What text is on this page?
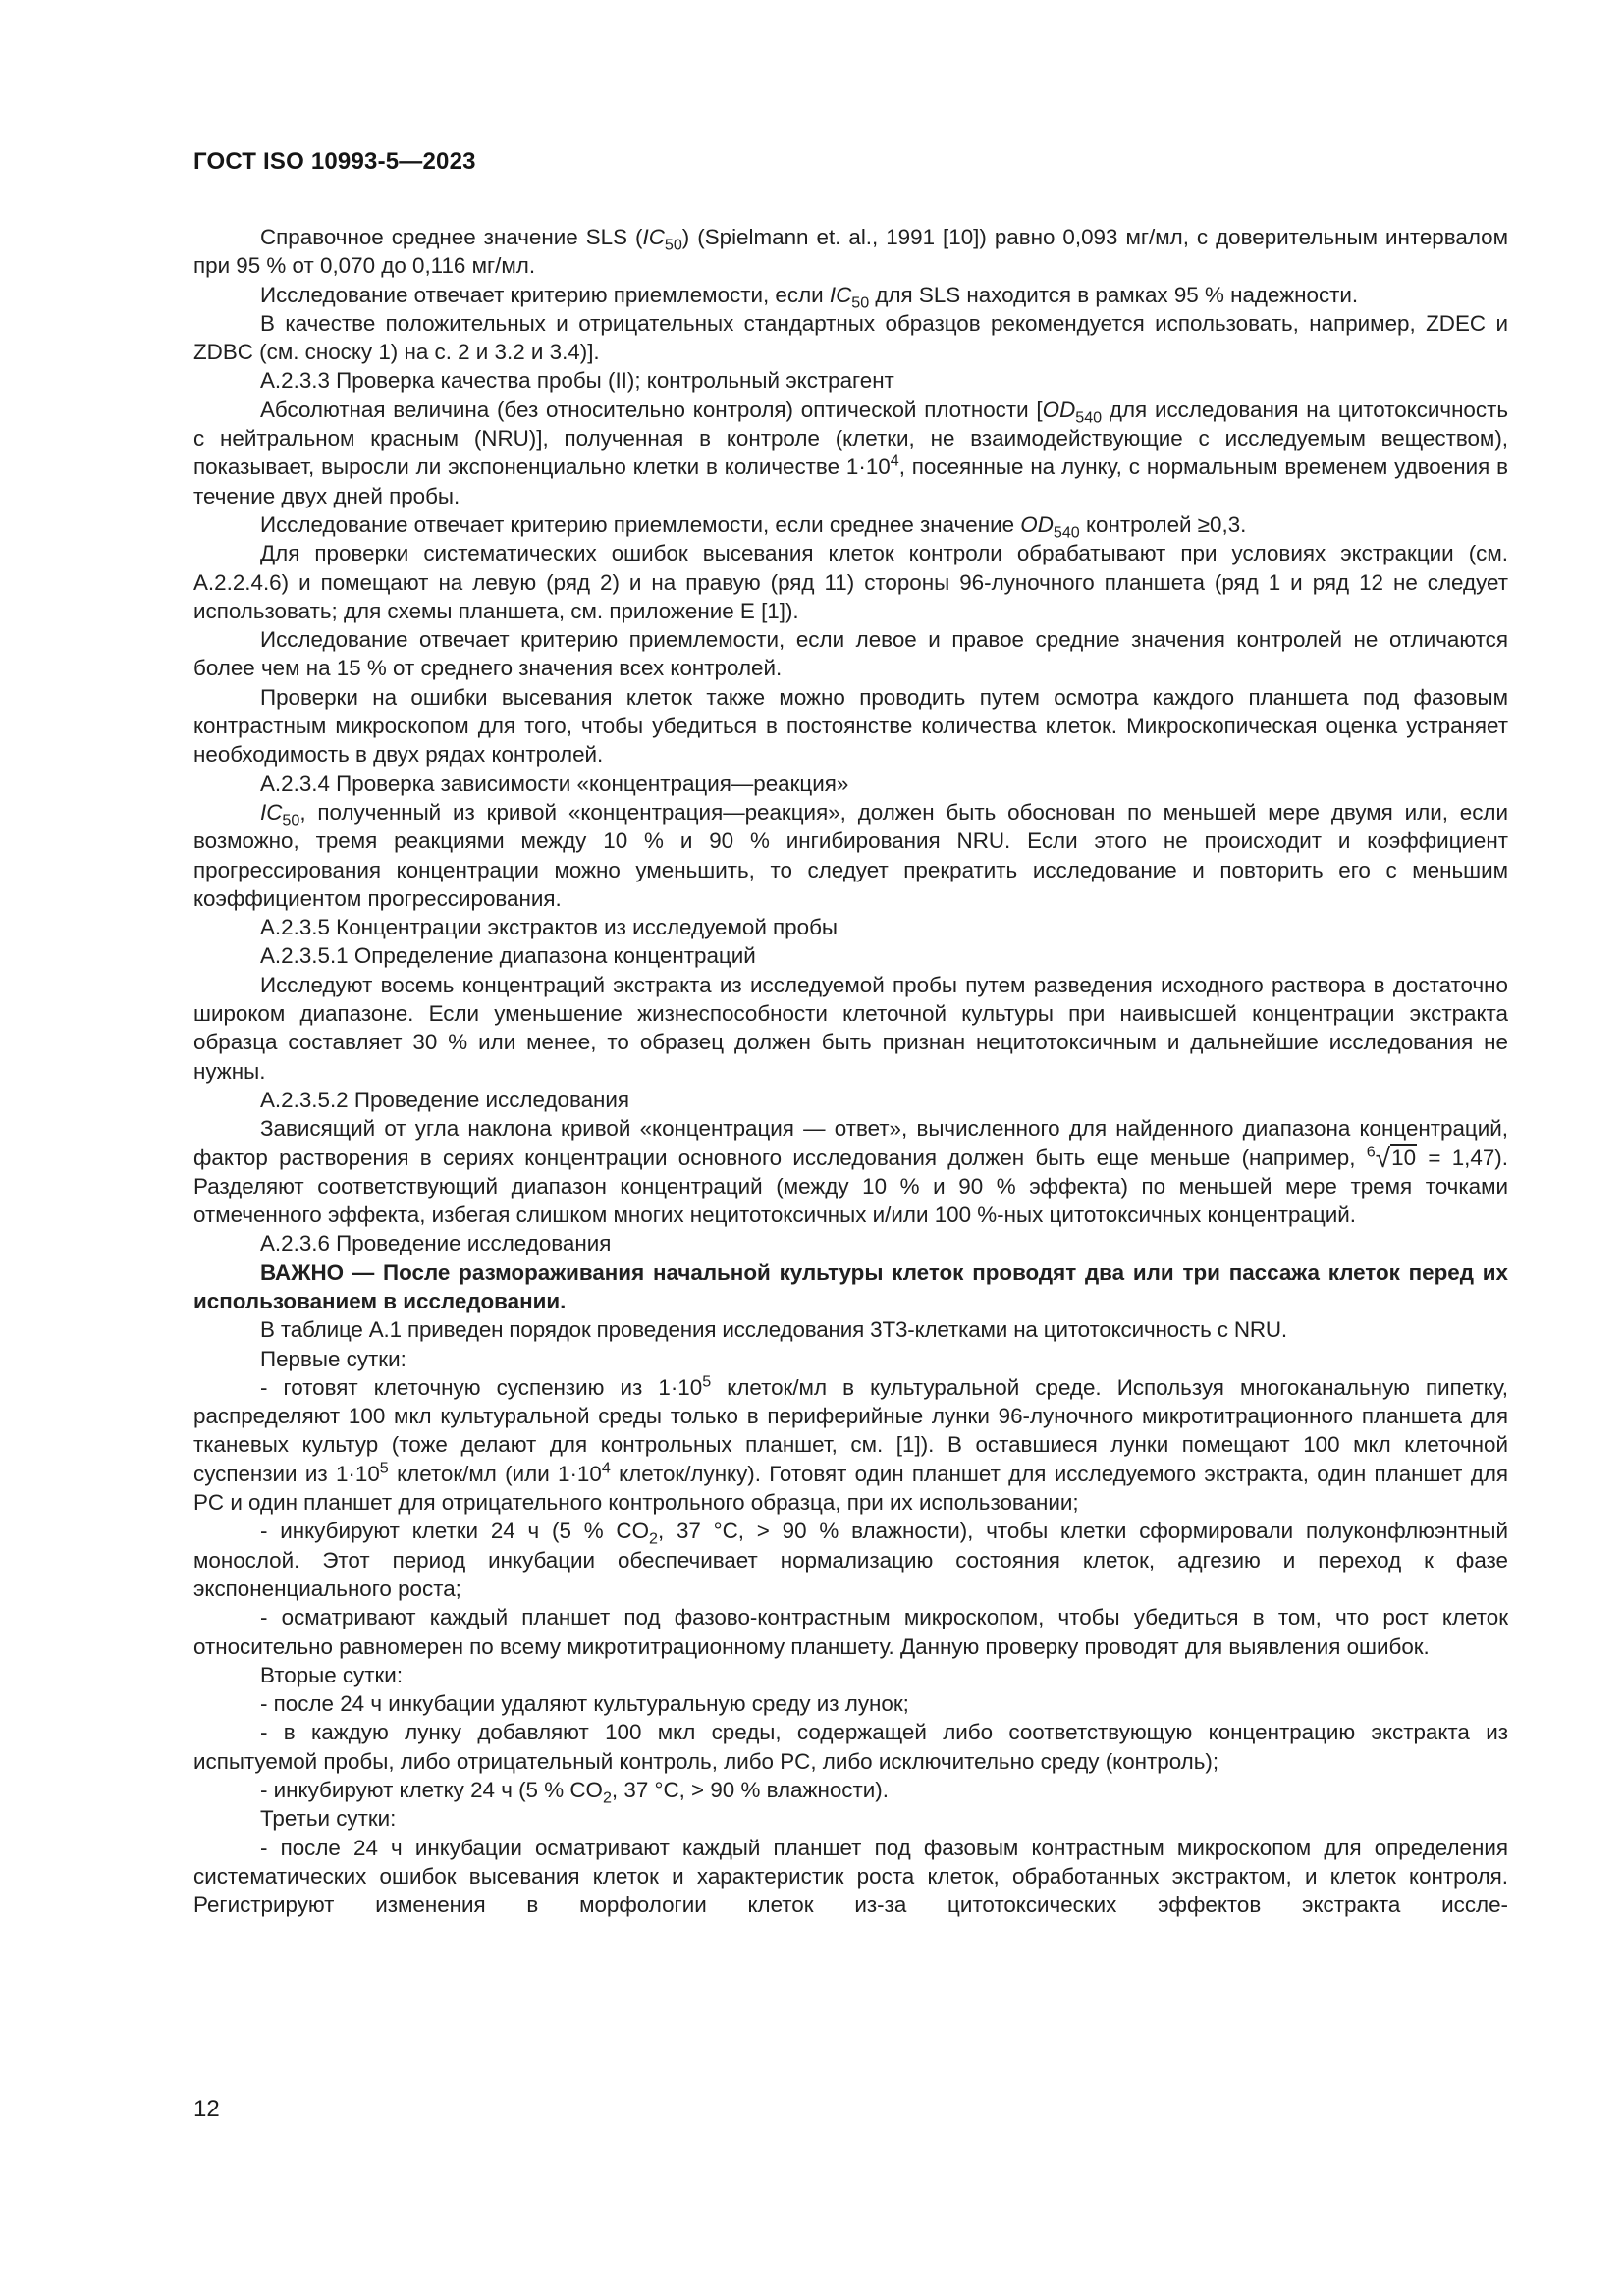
ГОСТ ISO 10993-5—2023

Справочное среднее значение SLS $(IC_{50})$ (Spielmann et. al., 1991 [10]) равно 0,093 мг/мл, с доверительным интервалом при 95 % от 0,070 до 0,116 мг/мл.

Исследование отвечает критерию приемлемости, если $IC_{50}$ для SLS находится в рамках 95 % надежности.

В качестве положительных и отрицательных стандартных образцов рекомендуется использовать, например, ZDEC и ZDBC (см. сноску 1) на с. 2 и 3.2 и 3.4)].

А.2.3.3 Проверка качества пробы (II); контрольный экстрагент

Абсолютная величина (без относительно контроля) оптической плотности [$OD_{540}$ для исследования на цитотоксичность с нейтральном красным (NRU)], полученная в контроле (клетки, не взаимодействующие с исследуемым веществом), показывает, выросли ли экспоненциально клетки в количестве $1\cdot 10^4$, посеянные на лунку, с нормальным временем удвоения в течение двух дней пробы.

Исследование отвечает критерию приемлемости, если среднее значение $OD_{540}$ контролей ≥0,3.

Для проверки систематических ошибок высевания клеток контроли обрабатывают при условиях экстракции (см. А.2.2.4.6) и помещают на левую (ряд 2) и на правую (ряд 11) стороны 96-луночного планшета (ряд 1 и ряд 12 не следует использовать; для схемы планшета, см. приложение Е [1]).

Исследование отвечает критерию приемлемости, если левое и правое средние значения контролей не отличаются более чем на 15 % от среднего значения всех контролей.

Проверки на ошибки высевания клеток также можно проводить путем осмотра каждого планшета под фазовым контрастным микроскопом для того, чтобы убедиться в постоянстве количества клеток. Микроскопическая оценка устраняет необходимость в двух рядах контролей.

А.2.3.4 Проверка зависимости «концентрация—реакция»

$IC_{50}$, полученный из кривой «концентрация—реакция», должен быть обоснован по меньшей мере двумя или, если возможно, тремя реакциями между 10 % и 90 % ингибирования NRU. Если этого не происходит и коэффициент прогрессирования концентрации можно уменьшить, то следует прекратить исследование и повторить его с меньшим коэффициентом прогрессирования.

А.2.3.5 Концентрации экстрактов из исследуемой пробы

А.2.3.5.1 Определение диапазона концентраций

Исследуют восемь концентраций экстракта из исследуемой пробы путем разведения исходного раствора в достаточно широком диапазоне. Если уменьшение жизнеспособности клеточной культуры при наивысшей концентрации экстракта образца составляет 30 % или менее, то образец должен быть признан нецитотоксичным и дальнейшие исследования не нужны.

А.2.3.5.2 Проведение исследования

Зависящий от угла наклона кривой «концентрация — ответ», вычисленного для найденного диапазона концентраций, фактор растворения в сериях концентрации основного исследования должен быть еще меньше (например, $^6$√10 = 1,47). Разделяют соответствующий диапазон концентраций (между 10 % и 90 % эффекта) по меньшей мере тремя точками отмеченного эффекта, избегая слишком многих нецитотоксичных и/или 100 %-ных цитотоксичных концентраций.

А.2.3.6 Проведение исследования

ВАЖНО — После размораживания начальной культуры клеток проводят два или три пассажа клеток перед их использованием в исследовании.

В таблице А.1 приведен порядок проведения исследования 3Т3-клетками на цитотоксичность с NRU.

Первые сутки:

- готовят клеточную суспензию из $1\cdot 10^5$ клеток/мл в культуральной среде. Используя многоканальную пипетку, распределяют 100 мкл культуральной среды только в периферийные лунки 96-луночного микротитрационного планшета для тканевых культур (тоже делают для контрольных планшет, см. [1]). В оставшиеся лунки помещают 100 мкл клеточной суспензии из $1\cdot 10^5$ клеток/мл (или $1\cdot 10^4$ клеток/лунку). Готовят один планшет для исследуемого экстракта, один планшет для PC и один планшет для отрицательного контрольного образца, при их использовании;

- инкубируют клетки 24 ч (5 % $CO_2$, 37 °C, > 90 % влажности), чтобы клетки сформировали полуконфлюэнтный монослой. Этот период инкубации обеспечивает нормализацию состояния клеток, адгезию и переход к фазе экспоненциального роста;

- осматривают каждый планшет под фазово-контрастным микроскопом, чтобы убедиться в том, что рост клеток относительно равномерен по всему микротитрационному планшету. Данную проверку проводят для выявления ошибок.

Вторые сутки:

- после 24 ч инкубации удаляют культуральную среду из лунок;

- в каждую лунку добавляют 100 мкл среды, содержащей либо соответствующую концентрацию экстракта из испытуемой пробы, либо отрицательный контроль, либо PC, либо исключительно среду (контроль);

- инкубируют клетку 24 ч (5 % $CO_2$, 37 °C, > 90 % влажности).

Третьи сутки:

- после 24 ч инкубации осматривают каждый планшет под фазовым контрастным микроскопом для определения систематических ошибок высевания клеток и характеристик роста клеток, обработанных экстрактом, и клеток контроля. Регистрируют изменения в морфологии клеток из-за цитотоксических эффектов экстракта иссле-

12
